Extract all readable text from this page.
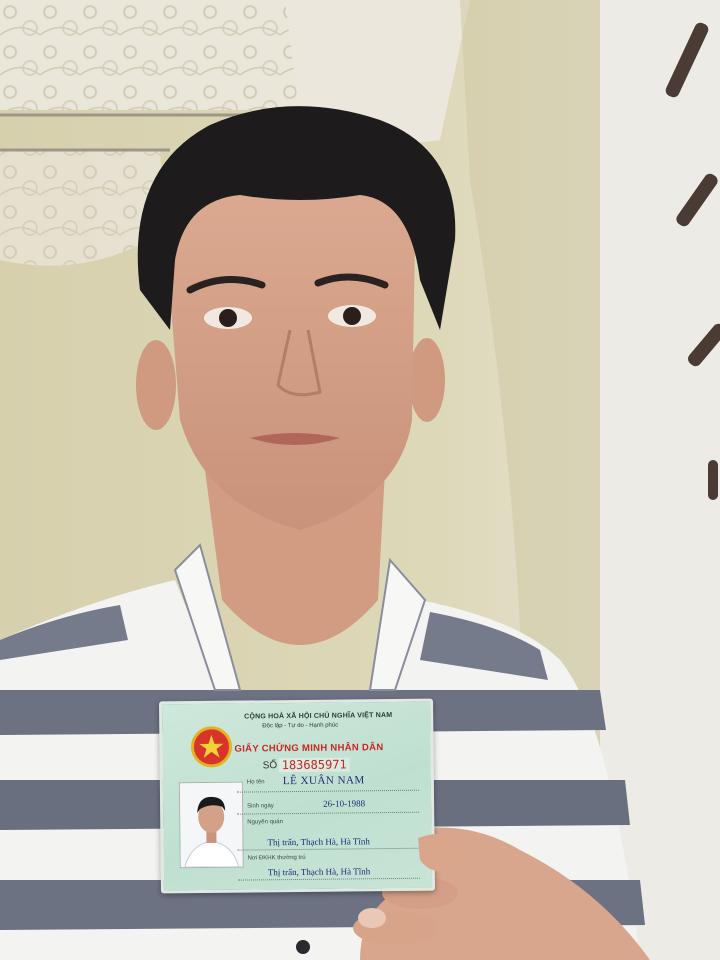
CỘNG HOÀ XÃ HỘI CHỦ NGHĨA VIỆT NAM
Độc lập - Tự do - Hạnh phúc
GIẤY CHỨNG MINH NHÂN DÂN
SỐ 183685971
Họ tên LÊ XUÂN NAM
Sinh ngày	26-10-1988
Nguyên quán
Thị trấn, Thạch Hà, Hà Tĩnh
Nơi ĐKHK thường trú
Thị trấn, Thạch Hà, Hà Tĩnh
